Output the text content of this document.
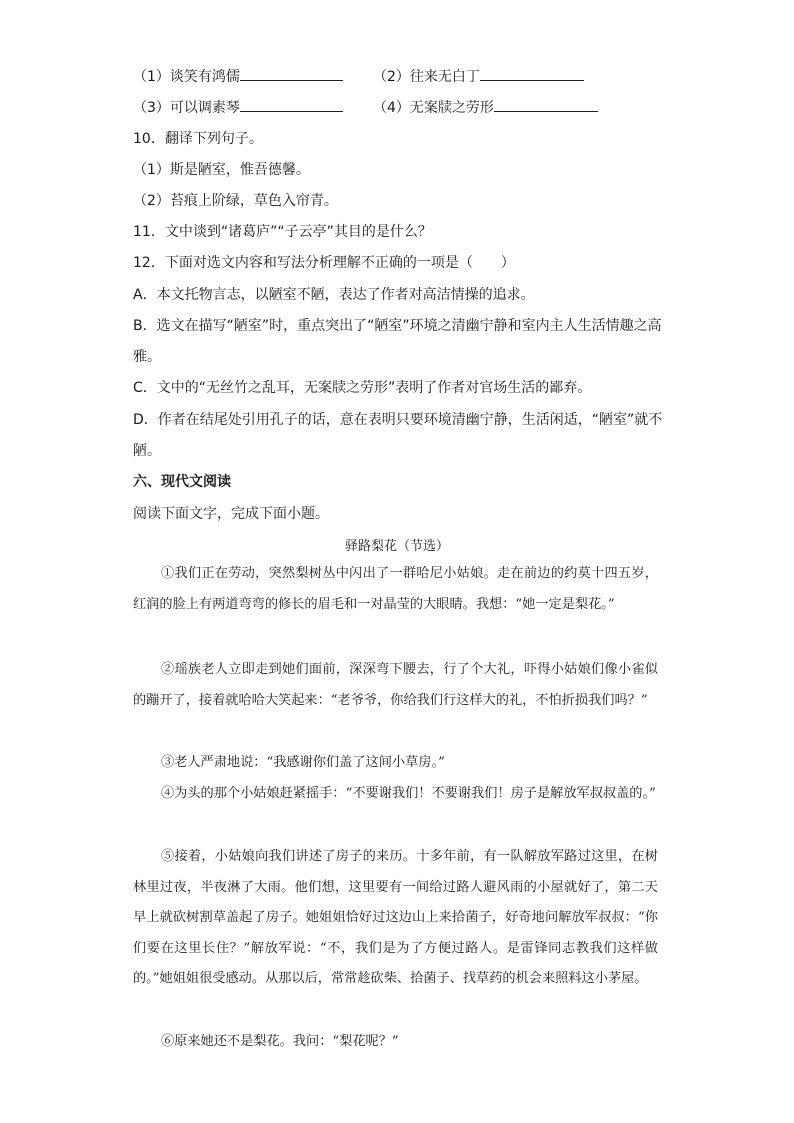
（1）谈笑有鸿儒	（2）往来无白丁
（3）可以调素琴	（4）无案牍之劳形
10．翻译下列句子。
（1）斯是陋室，惟吾德馨。
（2）苔痕上阶绿，草色入帘青。
11．文中谈到“诸葛庐”“子云亭”其目的是什么？
12．下面对选文内容和写法分析理解不正确的一项是（　　）
A．本文托物言志，以陋室不陋，表达了作者对高洁情操的追求。
B．选文在描写“陋室”时，重点突出了“陋室”环境之清幽宁静和室内主人生活情趣之高
雅。
C．文中的“无丝竹之乱耳，无案牍之劳形”表明了作者对官场生活的鄙弃。
D．作者在结尾处引用孔子的话，意在表明只要环境清幽宁静，生活闲适，“陋室”就不
陋。
六、现代文阅读
阅读下面文字，完成下面小题。
驿路梨花（节选）
①我们正在劳动，突然梨树丛中闪出了一群哈尼小姑娘。走在前边的约莫十四五岁，红润的脸上有两道弯弯的修长的眉毛和一对晶莹的大眼睛。我想：“她一定是梨花。”
②瑶族老人立即走到她们面前，深深弯下腰去，行了个大礼，吓得小姑娘们像小雀似的蹦开了，接着就哈哈大笑起来：“老爷爷，你给我们行这样大的礼，不怕折损我们吗？”
③老人严肃地说：“我感谢你们盖了这间小草房。”
④为头的那个小姑娘赶紧摇手：“不要谢我们！不要谢我们！房子是解放军叔叔盖的。”
⑤接着，小姑娘向我们讲述了房子的来历。十多年前，有一队解放军路过这里，在树林里过夜，半夜淋了大雨。他们想，这里要有一间给过路人避风雨的小屋就好了，第二天早上就砍树割草盖起了房子。她姐姐恰好过这边山上来拾菌子，好奇地问解放军叔叔：“你们要在这里长住？”解放军说：“不，我们是为了方便过路人。是雷锋同志教我们这样做的。”她姐姐很受感动。从那以后，常常趁砍柴、拾菌子、找草药的机会来照料这小茅屋。
⑥原来她还不是梨花。我问：“梨花呢？”
